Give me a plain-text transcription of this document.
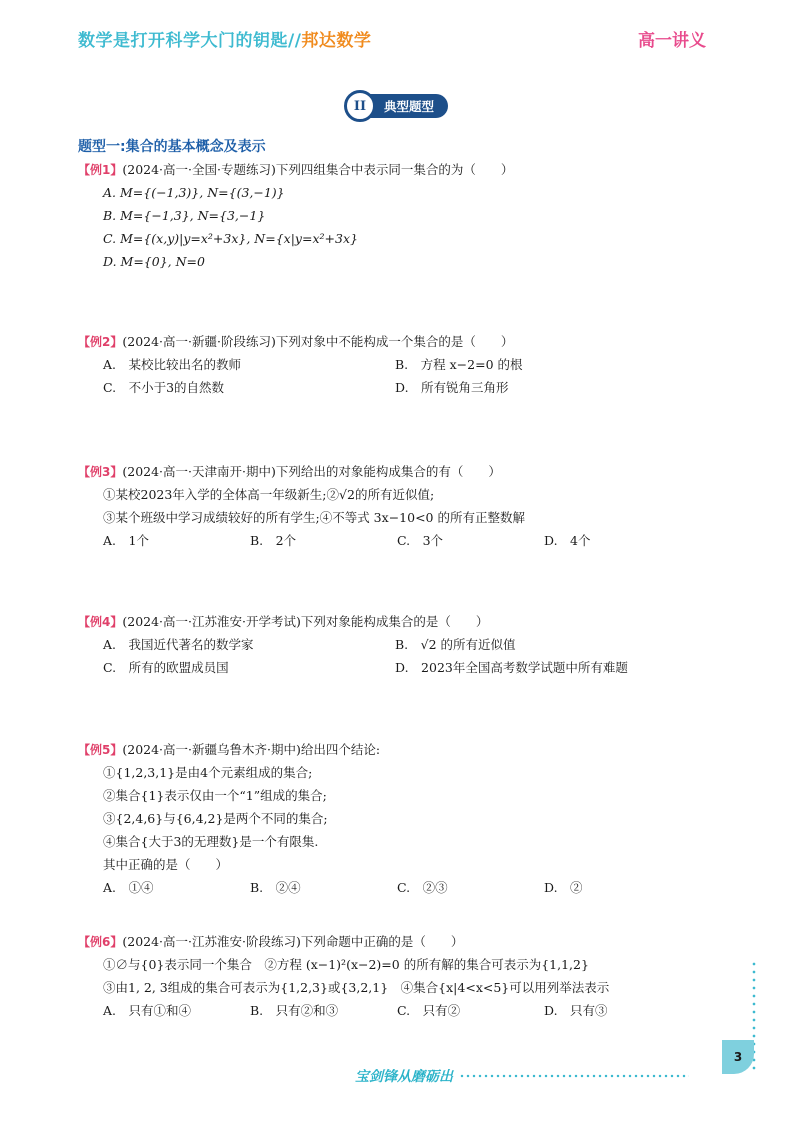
数学是打开科学大门的钥匙//邦达数学	高一讲义
II	典型题型
题型一:集合的基本概念及表示
【例1】(2024·高一·全国·专题练习)下列四组集合中表示同一集合的为（　　）
A. M={(−1,3)}, N={(3,−1)}
B. M={−1,3}, N={3,−1}
C. M={(x,y)|y=x²+3x}, N={x|y=x²+3x}
D. M={0}, N=0
【例2】(2024·高一·新疆·阶段练习)下列对象中不能构成一个集合的是（　　）
A.　某校比较出名的教师	B.　方程 x−2=0 的根
C.　不小于3的自然数	D.　所有锐角三角形
【例3】(2024·高一·天津南开·期中)下列给出的对象能构成集合的有（　　）
①某校2023年入学的全体高一年级新生;②√2的所有近似值;
③某个班级中学习成绩较好的所有学生;④不等式 3x−10<0 的所有正整数解
A.　1个	B.　2个	C.　3个	D.　4个
【例4】(2024·高一·江苏淮安·开学考试)下列对象能构成集合的是（　　）
A.　我国近代著名的数学家	B.　√2 的所有近似值
C.　所有的欧盟成员国	D.　2023年全国高考数学试题中所有难题
【例5】(2024·高一·新疆乌鲁木齐·期中)给出四个结论:
①{1,2,3,1}是由4个元素组成的集合;
②集合{1}表示仅由一个“1”组成的集合;
③{2,4,6}与{6,4,2}是两个不同的集合;
④集合{大于3的无理数}是一个有限集.
其中正确的是（　　）
A.　①④	B.　②④	C.　②③	D.　②
【例6】(2024·高一·江苏淮安·阶段练习)下列命题中正确的是（　　）
①∅与{0}表示同一个集合　②方程 (x−1)²(x−2)=0 的所有解的集合可表示为{1,1,2}
③由1, 2, 3组成的集合可表示为{1,2,3}或{3,2,1}　④集合{x|4<x<5}可以用列举法表示
A.　只有①和④	B.　只有②和③	C.　只有②	D.　只有③
3
宝剑锋从磨砺出
